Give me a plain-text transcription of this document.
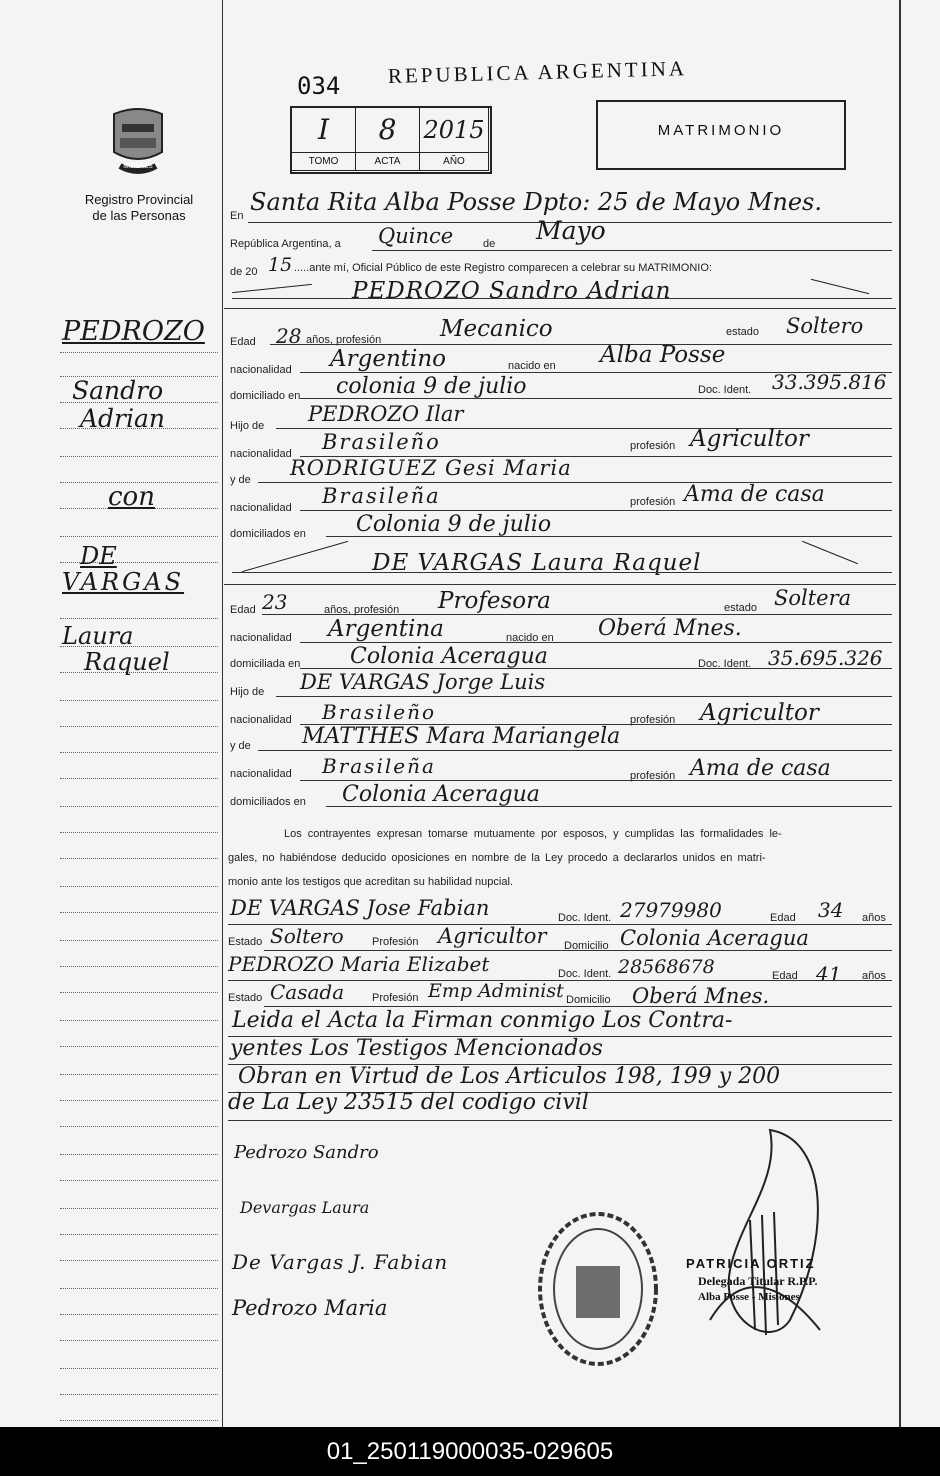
MISIONES
Registro Provincial
de las Personas
PEDROZO
Sandro
Adrian
con
DE
VARGAS
Laura
Raquel
034 REPUBLICA ARGENTINA
I	8	2015
TOMO	ACTA	AÑO
MATRIMONIO
En Santa Rita Alba Posse Dpto: 25 de Mayo Mnes.
República Argentina, a Quince	de Mayo
de 20 15 .....ante mí, Oficial Público de este Registro comparecen a celebrar su MATRIMONIO:
PEDROZO Sandro Adrian
Edad 28 años, profesión	Mecanico	estado Soltero
nacionalidad Argentino	nacido en Alba Posse
domiciliado en colonia 9 de julio	Doc. Ident. 33.395.816
Hijo de PEDROZO Ilar
nacionalidad Brasileño	profesión Agricultor
y de RODRIGUEZ Gesi Maria
nacionalidad Brasileña	profesión Ama de casa
domiciliados en Colonia 9 de julio
DE VARGAS Laura Raquel
Edad 23	años, profesión Profesora	estado Soltera
nacionalidad Argentina	nacido en Oberá Mnes.
domiciliada en Colonia Aceragua	Doc. Ident. 35.695.326
Hijo de DE VARGAS Jorge Luis
nacionalidad Brasileño	profesión Agricultor
y de MATTHES Mara Mariangela
nacionalidad Brasileña	profesión Ama de casa
domiciliados en Colonia Aceragua
Los contrayentes expresan tomarse mutuamente por esposos, y cumplidas las formalidades le-
gales, no habiéndose deducido oposiciones en nombre de la Ley procedo a declararlos unidos en matri-
monio ante los testigos que acreditan su habilidad nupcial.
DE VARGAS Jose Fabian	Doc. Ident. 27979980	Edad 34 años
Estado Soltero	Profesión Agricultor Domicilio Colonia Aceragua
PEDROZO Maria Elizabet	Doc. Ident. 28568678	Edad 41 años
Estado Casada	Profesión Emp Administ Domicilio Oberá Mnes.
Leida el Acta la Firman conmigo Los Contra-
yentes Los Testigos Mencionados
Obran en Virtud de Los Articulos 198, 199 y 200
de La Ley 23515 del codigo civil
Pedrozo Sandro
Devargas Laura
De Vargas J. Fabian
Pedrozo Maria
PATRICIA ORTIZ
Delegada Titular R.P.P.
Alba Posse - Misiones
01_250119000035-029605
